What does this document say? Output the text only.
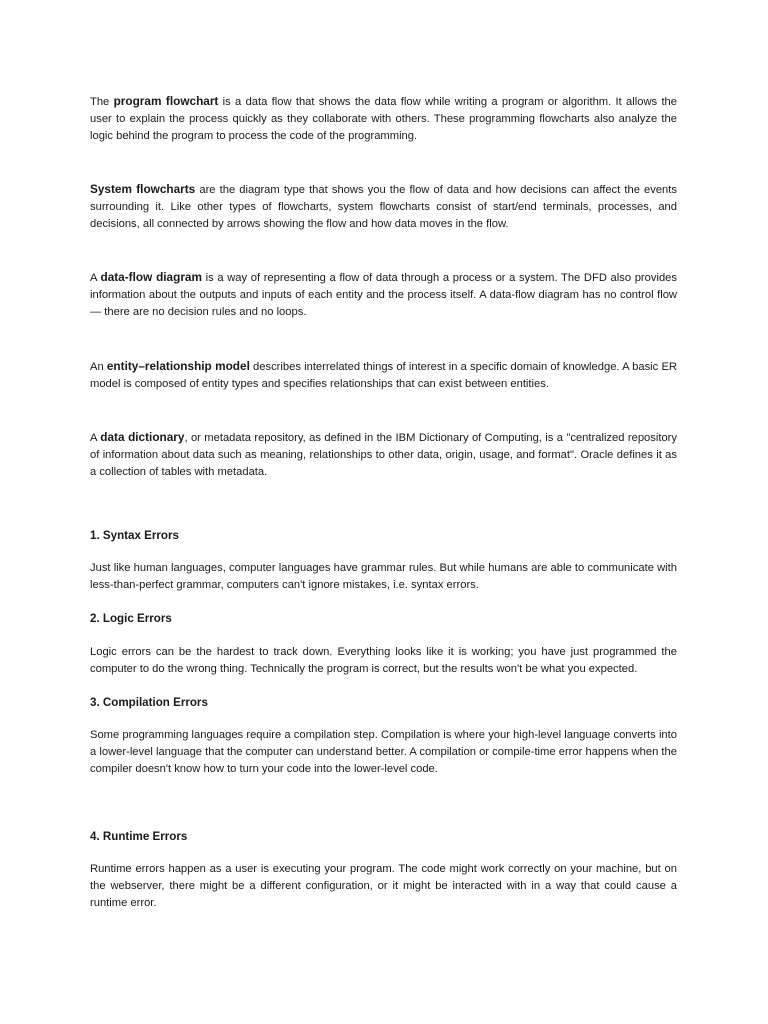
The program flowchart is a data flow that shows the data flow while writing a program or algorithm. It allows the user to explain the process quickly as they collaborate with others. These programming flowcharts also analyze the logic behind the program to process the code of the programming.

System flowcharts are the diagram type that shows you the flow of data and how decisions can affect the events surrounding it. Like other types of flowcharts, system flowcharts consist of start/end terminals, processes, and decisions, all connected by arrows showing the flow and how data moves in the flow.

A data-flow diagram is a way of representing a flow of data through a process or a system. The DFD also provides information about the outputs and inputs of each entity and the process itself. A data-flow diagram has no control flow — there are no decision rules and no loops.

An entity–relationship model describes interrelated things of interest in a specific domain of knowledge. A basic ER model is composed of entity types and specifies relationships that can exist between entities.

A data dictionary, or metadata repository, as defined in the IBM Dictionary of Computing, is a "centralized repository of information about data such as meaning, relationships to other data, origin, usage, and format". Oracle defines it as a collection of tables with metadata.

1. Syntax Errors

Just like human languages, computer languages have grammar rules. But while humans are able to communicate with less-than-perfect grammar, computers can't ignore mistakes, i.e. syntax errors.

2. Logic Errors

Logic errors can be the hardest to track down. Everything looks like it is working; you have just programmed the computer to do the wrong thing. Technically the program is correct, but the results won't be what you expected.

3. Compilation Errors

Some programming languages require a compilation step. Compilation is where your high-level language converts into a lower-level language that the computer can understand better. A compilation or compile-time error happens when the compiler doesn't know how to turn your code into the lower-level code.

4. Runtime Errors

Runtime errors happen as a user is executing your program. The code might work correctly on your machine, but on the webserver, there might be a different configuration, or it might be interacted with in a way that could cause a runtime error.
